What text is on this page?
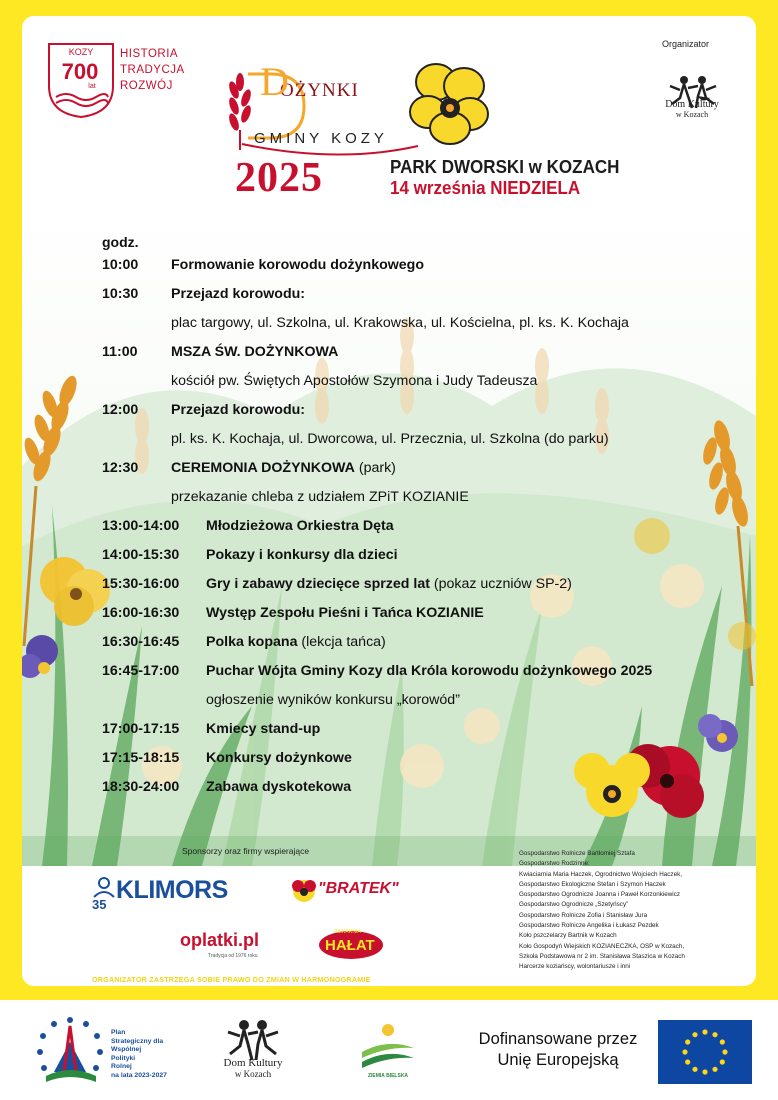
KOZY
700
lat
HISTORIA
TRADYCJA
ROZWÓJ
Organizator
Dom Kultury
w Kozach
D
OŻYNKI
GMINY KOZY
2025	PARK DWORSKI w KOZACH
14 września NIEDZIELA
godz.
10:00 Formowanie korowodu dożynkowego
10:30 Przejazd korowodu:
plac targowy, ul. Szkolna, ul. Krakowska, ul. Kościelna, pl. ks. K. Kochaja
11:00 MSZA ŚW. DOŻYNKOWA
kościół pw. Świętych Apostołów Szymona i Judy Tadeusza
12:00 Przejazd korowodu:
pl. ks. K. Kochaja, ul. Dworcowa, ul. Przecznia, ul. Szkolna (do parku)
12:30 CEREMONIA DOŻYNKOWA (park)
przekazanie chleba z udziałem ZPiT KOZIANIE
13:00-14:00 Młodzieżowa Orkiestra Dęta
14:00-15:30 Pokazy i konkursy dla dzieci
15:30-16:00 Gry i zabawy dziecięce sprzed lat (pokaz uczniów SP-2)
16:00-16:30 Występ Zespołu Pieśni i Tańca KOZIANIE
16:30-16:45 Polka kopana (lekcja tańca)
16:45-17:00 Puchar Wójta Gminy Kozy dla Króla korowodu dożynkowego 2025
ogłoszenie wyników konkursu „korowód”
17:00-17:15 Kmiecy stand-up
17:15-18:15 Konkursy dożynkowe
18:30-24:00 Zabawa dyskotekowa
Sponsorzy oraz firmy wspierające
35
KLIMORS	"BRATEK"
oplatki.pl
Tradycja od 1976 roku
PIEKARNIA
HAŁAT
Gospodarstwo Rolnicze Bartłomiej Sztafa
Gospodarstwo Rodzinne:
Kwiaciarnia Maria Haczek, Ogrodnictwo Wojciech Haczek,
Gospodarstwo Ekologiczne Stefan i Szymon Haczek
Gospodarstwo Ogrodnicze Joanna i Paweł Korzonkiewicz
Gospodarstwo Ogrodnicze „Szetyńscy”
Gospodarstwo Rolnicze Zofia i Stanisław Jura
Gospodarstwo Rolnicze Angelika i Łukasz Pezdek
Koło pszczelarzy Bartnik w Kozach
Koło Gospodyń Wiejskich KOZIANECZKA, OSP w Kozach,
Szkoła Podstawowa nr 2 im. Stanisława Staszica w Kozach
Harcerze koziańscy, wolontariusze i inni
ORGANIZATOR ZASTRZEGA SOBIE PRAWO DO ZMIAN W HARMONOGRAMIE
Plan
Strategiczny dla
Wspólnej
Polityki
Rolnej
na lata 2023-2027
Dom Kultury
w Kozach	ZIEMIA BIELSKA
Dofinansowane przez
Unię Europejską
